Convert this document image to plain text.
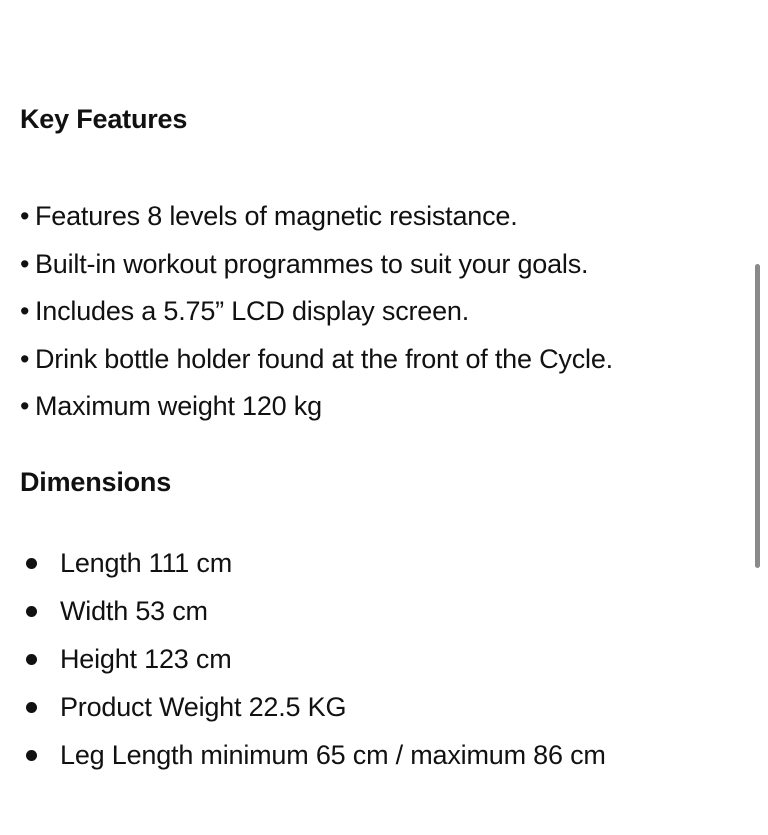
Key Features
• Features 8 levels of magnetic resistance.
• Built-in workout programmes to suit your goals.
• Includes a 5.75” LCD display screen.
• Drink bottle holder found at the front of the Cycle.
• Maximum weight 120 kg
Dimensions
Length 111 cm
Width 53 cm
Height 123 cm
Product Weight 22.5 KG
Leg Length minimum 65 cm / maximum 86 cm
